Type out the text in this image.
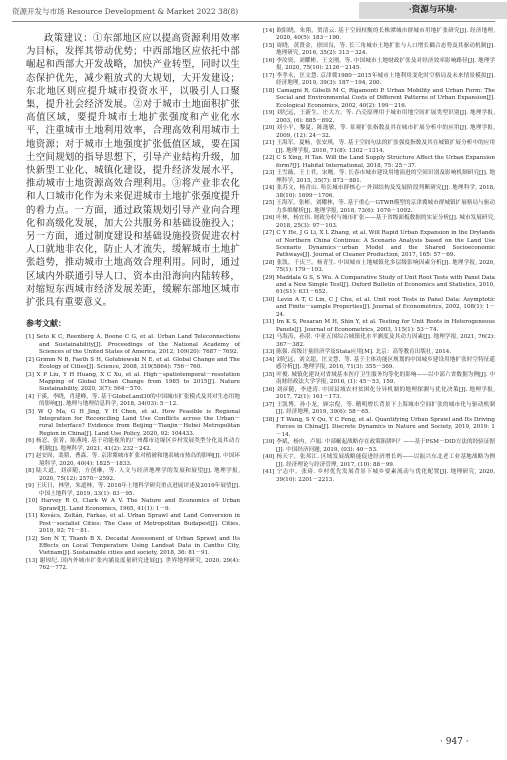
资源开发与市场 Resource Development & Market 2022 38(8)	·资源与环境·

政策建议：①东部地区应以提高资源利用效率为目标，发挥其带动优势；中西部地区应依托中部崛起和西部大开发战略，加快产业转型，同时以生态保护优先，减少粗放式的大规划，大开发建设；东北地区则应提升城市投资水平，以吸引人口聚集，提升社会经济发展。②对于城市土地面积扩张高值区域，要提升城市土地扩张强度和产业化水平，注重城市土地利用效率，合理高效利用城市土地资源；对于城市土地强度扩张低值区域，要在国土空间规划的指导思想下，引导产业结构升级，加快新型工业化、城镇化建设，提升经济发展水平，推动城市土地资源高效合理利用。③将产业非农化和人口城市化作为未来促进城市土地扩张强度提升的着力点。一方面，通过政策规划引导产业向合理化和高级化发展，加大公共服务和基础设施投入；另一方面，通过制度建设和基础设施投资促进农村人口就地非农化，防止人才流失，缓解城市土地扩张趋势，推动城市土地高效合理利用。同时，通过区域内外联通引导人口、资本由沿海向内陆转移，对缩短东西城市经济发展差距，缓解东部地区城市扩张具有重要意义。

参考文献：
[1] Seto K C, Reenberg A, Boone C G, et al. Urban Land Teleconnections and Sustainability[J]. Proceedings of the National Academy of Sciences of the United States of America, 2012, 109(20): 7687－7692.
[2] Grimm N B, Faeth S H, Golubiewski N E, et al. Global Change and The Ecology of Cities[J]. Science, 2008, 319(5864): 756－760.
[3] X P Liu, Y H Huang, X C Xu, et al. High－spatiotemporal－resolution Mapping of Global Urban Change from 1985 to 2015[J]. Nature Sustainability, 2020, 3(7): 564－570.
[4] 于溪，李晓，肖建峰，等. 基于GlobeLand30的中国城市扩张模式及其对生态用地的影响[J]. 地理与地理信息科学, 2018, 34(03): 5－12.
[5] W Q Ma, G H Jing, Y H Chen, et al. How Feasible is Regional Integration for Reconciling Land Use Conflicts across the Urban－rural Interface? Evidence from Beijing－Tianjin－Hebei Metropolitan Region in China[J]. Land Use Policy, 2020, 92: 104433.
[6] 杨忍，张菁，陈燕纯. 基于功能视角的广州都市边缘区乡村发展类型分化及其动力机制[J]. 地理科学, 2021, 41(2): 232－242.
[7] 赵安周，裴韬，曹森，等. 京津冀城市扩张对植被和地表城市热岛的影响[J]. 中国环境科学, 2020, 40(4): 1825－1833.
[8] 陆大道，刘彦随，方创琳，等. 人文与经济地理学的发展和展望[J]. 地理学报, 2020, 75(12): 2570－2592.
[9] 王庆日，林坚，朱道林，等. 2018年土地科学研究重点进展评述及2019年展望[J]. 中国土地科学, 2019, 33(1): 83－95.
[10] Harvey R O, Clark W A V. The Nature and Economics of Urban Sprawl[J]. Land Economics, 1965, 41(1): 1－9.
[11] Kovács, Zoltán, Farkas, et al. Urban Sprawl and Land Conversion in Post－socialist Cities: The Case of Metropolitan Budapest[J]. Cities, 2019, 92: 71－81.
[12] Son N T, Thanh B X. Decadal Assessment of Urban Sprawl and Its Effects on Local Temperature Using Landsat Data in Cantho City, Vietnam[J]. Sustainable cities and society, 2018, 36: 81－91.
[13] 谢琼纪. 国内外城市扩张内涵及度量研究进展[J]. 世界地理研究, 2020, 29(4): 762－772.
[14] 欧阳晓，朱翔，贺清云. 基于空间权衡的长株潭城市群城市用地扩张研究[J]. 经济地理, 2020, 40(5): 183－190.
[15] 周晓，黄贤金，徐国良，等. 长三角城市土地扩张与人口增长耦合态势及其驱动机制[J]. 地理研究, 2016, 35(2): 313－324.
[16] 李汝资，刘耀彬，王文刚，等. 中国城市土地财政扩张及对经济效率影响路径[J]. 地理学报, 2020, 75(10): 2126－2145.
[17] 李孝永，匡文慧. 京津冀1980－2015年城市土地利用变化时空格局及未来情景模拟[J]. 经济地理, 2019, 39(3): 187－194, 200.
[18] Camagni R, Gibelli M C, Rigamonti P. Urban Mobility and Urban Form: The Social and Environmental Costs of Different Patterns of Urban Expansion[J]. Ecological Economics, 2002, 40(2): 199－216.
[19] 刘纪远，王新生，庄大方，等. 凸壳原理用于城市用地空间扩展类型识别[J]. 地理学报, 2003, (6): 885－892.
[20] 刘小平，黎夏，陈逸敏，等. 景观扩张指数及其在城市扩展分析中的应用[J]. 地理学报, 2009, (12): 24－32.
[21] 王海军，夏畅，张安琪，等. 基于空间句法的扩张强度指数及其在城镇扩展分析中的应用[J]. 地理学报, 2016, 71(8): 1302－1314.
[22] C S Xing, H Tan. Will the Land Supply Structure Affect the Urban Expansion form?[J]. Habitat International, 2018, 75: 25－37.
[23] 王雪薇，王士君，宋飏，等. 长春市城市建设用地演进的空间识别及影响机制研究[J]. 地理科学, 2015, 35(7): 873－881.
[24] 张苏文，杨青山. 哈长城市群核心－外围结构及发展阶段判断研究[J]. 地理科学, 2018, 38(10): 1699－1706.
[25] 王海军，张彬，刘耀林，等. 基于重心－GTWR模型的京津冀城市群城镇扩展格局与驱动力多维解析[J]. 地理学报, 2018, 73(6): 1076－1092.
[26] 叶林，杨宜伟. 财政分权与城市扩张——基于省级面板数据的实证分析[J]. 城市发展研究, 2018, 25(3): 97－103.
[27] C Y He, J G Li, X L Zhang, et al. Will Rapid Urban Expansion in the Drylands of Northern China Continue: A Scenario Analysis based on the Land Use Scenario Dynamics－urban Model and the Shared Socioeconomic Pathways[J]. Journal of Cleaner Production, 2017, 165: 57－69.
[28] 张凯，千庆兰，杨青生. 中国城市土地城镇化多层级影响因素分析[J]. 地理学报, 2020, 75(1): 179－193.
[29] Maddala G S, S Wu. A Comparative Study of Unit Root Tests with Panel Data and a New Simple Test[J]. Oxford Bulletin of Economics and Statistics, 2010, 61(S1): 631－652.
[30] Levin A T, C Lin, C J Chu, et al. Unit root Tests in Panel Data: Asymptotic and Finite－sample Properties[J]. Journal of Econometrics, 2002, 108(1): 1－24.
[31] Im K S, Pesaran M H, Shin Y, et al. Testing for Unit Roots in Heterogeneous Panels[J]. Journal of Econometrics, 2003, 115(1): 53－74.
[32] 马海涛，孙湛. 中亚五国综合城镇化水平测度及其动力因素[J]. 地理学报, 2021, 76(2): 367－382.
[33] 陈强. 高级计量经济学及Stata应用[M]. 北京：高等教育出版社, 2014.
[34] 刘纪远，刘文超，匡文慧，等. 基于主体功能区规划的中国城乡建设用地扩张时空特征遥感分析[J]. 地理学报, 2016, 71(3): 355－369.
[35] 叶俊. 城镇化建设对省域基本医疗卫生服务均等化的影响——以中部六省数据为例[J]. 中南财经政法大学学报, 2016, (1): 45－53, 159.
[36] 刘彦随，李进涛. 中国县域农村贫困化分异机制的地理探测与优化决策[J]. 地理学报, 2017, 72(1): 161－173.
[37] 王凯博，孙小龙，顾宗倪，等. 精明增长背景下上海城市空间扩张的城市化与驱动机制[J]. 经济地理, 2019, 39(6): 58－65.
[38] J T Wang, S Y Qu, Y C Feng, et al. Quantifying Urban Sprawl and Its Driving Forces in China[J]. Discrete Dynamics in Nature and Society, 2019, 2019: 1－14.
[39] 李斌，杨冉，卢娟. 中部崛起战略存在政策陷阱吗？——基于PSM－DID方法的经验证据[J]. 中国经济问题, 2019, (03): 40－53.
[40] 杨天宇，张邦江. 区域发展战略能促进经济增长吗——以振兴东北老工业基地战略为例[J]. 经济理论与经济管理, 2017, (10): 88－99.
[41] 宁志中，张琦. 乡村优先发展背景下城乡要素流动与优化配置[J]. 地理研究, 2020, 39(10): 2201－2213.
· 947 ·
